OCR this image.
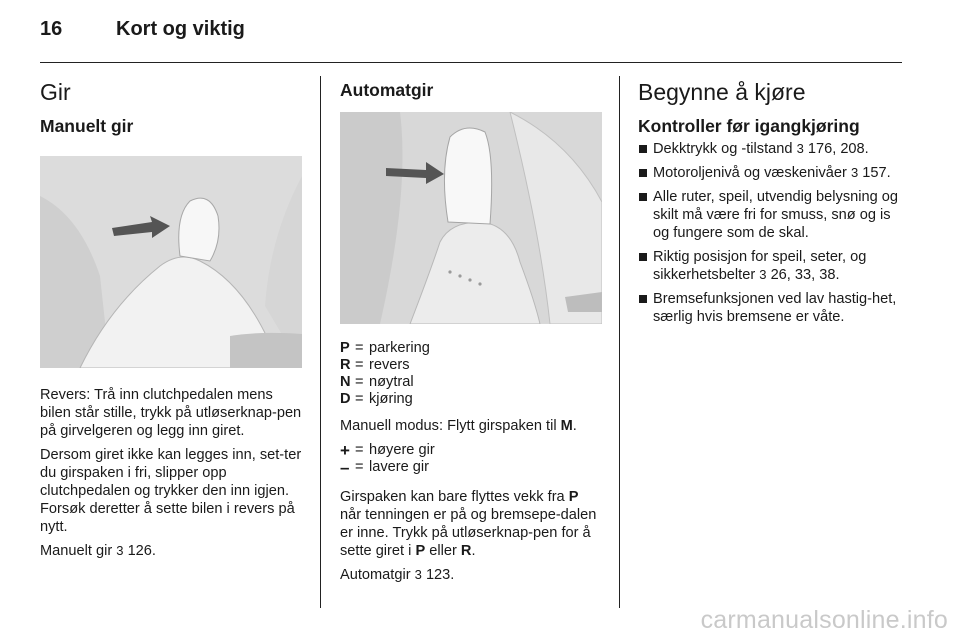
16	Kort og viktig
Gir
Manuelt gir

Revers: Trå inn clutchpedalen mens bilen står stille, trykk på utløserknap-pen på girvelgeren og legg inn giret.

Dersom giret ikke kan legges inn, set-ter du girspaken i fri, slipper opp clutchpedalen og trykker den inn igjen. Forsøk deretter å sette bilen i revers på nytt.

Manuelt gir 3 126.

Automatgir
P = parkering
R = revers
N = nøytral
D = kjøring

Manuell modus: Flytt girspaken til M.

+ = høyere gir
– = lavere gir

Girspaken kan bare flyttes vekk fra P når tenningen er på og bremsepe-dalen er inne. Trykk på utløserknap-pen for å sette giret i P eller R.

Automatgir 3 123.

Begynne å kjøre
Kontroller før igangkjøring
Dekktrykk og -tilstand 3 176, 208.
Motoroljenivå og væskenivåer 3 157.
Alle ruter, speil, utvendig belysning og skilt må være fri for smuss, snø og is og fungere som de skal.
Riktig posisjon for speil, seter, og sikkerhetsbelter 3 26, 33, 38.
Bremsefunksjonen ved lav hastig-het, særlig hvis bremsene er våte.
carmanualsonline.info
